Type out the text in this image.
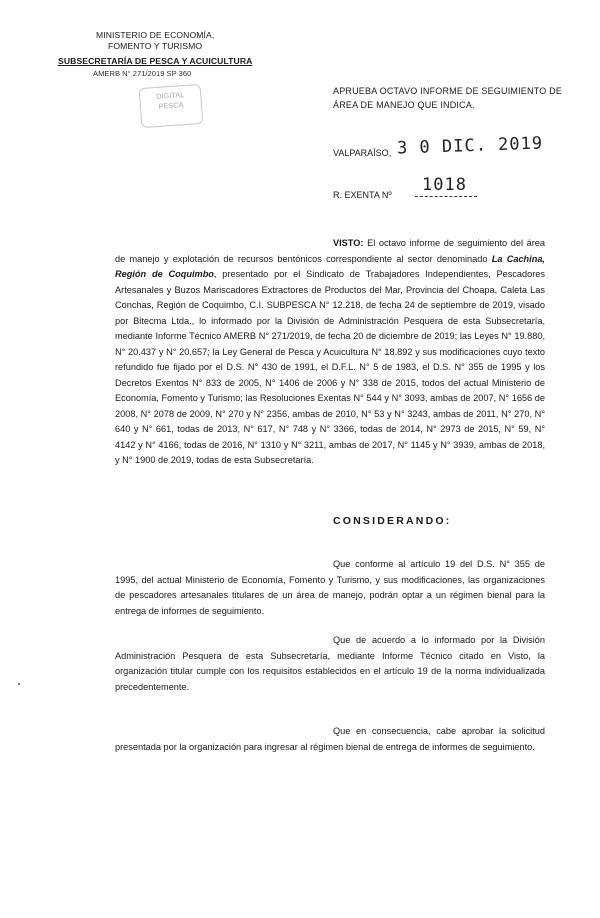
MINISTERIO DE ECONOMÍA,
FOMENTO Y TURISMO
SUBSECRETARÍA DE PESCA Y ACUICULTURA
AMERB N° 271/2019 SP 360
DIGITAL
PESCA
APRUEBA OCTAVO INFORME DE SEGUIMIENTO DE ÁREA DE MANEJO QUE INDICA.
VALPARAÍSO, 3 0 DIC. 2019
R. EXENTA Nº 1018

VISTO: El octavo informe de seguimiento del área de manejo y explotación de recursos bentónicos correspondiente al sector denominado La Cachina, Región de Coquimbo, presentado por el Sindicato de Trabajadores Independientes, Pescadores Artesanales y Buzos Mariscadores Extractores de Productos del Mar, Provincia del Choapa, Caleta Las Conchas, Región de Coquimbo, C.I. SUBPESCA N° 12.218, de fecha 24 de septiembre de 2019, visado por Bitecma Ltda., lo informado por la División de Administración Pesquera de esta Subsecretaría, mediante Informe Técnico AMERB N° 271/2019, de fecha 20 de diciembre de 2019; las Leyes N° 19.880, N° 20.437 y N° 20.657; la Ley General de Pesca y Acuicultura N° 18.892 y sus modificaciones cuyo texto refundido fue fijado por el D.S. N° 430 de 1991, el D.F.L. N° 5 de 1983, el D.S. N° 355 de 1995 y los Decretos Exentos N° 833 de 2005, N° 1406 de 2006 y N° 338 de 2015, todos del actual Ministerio de Economía, Fomento y Turismo; las Resoluciones Exentas N° 544 y N° 3093, ambas de 2007, N° 1656 de 2008, N° 2078 de 2009, N° 270 y N° 2356, ambas de 2010, N° 53 y N° 3243, ambas de 2011, N° 270, N° 640 y N° 661, todas de 2013, N° 617, N° 748 y N° 3366, todas de 2014, N° 2973 de 2015, N° 59, N° 4142 y N° 4166, todas de 2016, N° 1310 y N° 3211, ambas de 2017, N° 1145 y N° 3939, ambas de 2018, y N° 1900 de 2019, todas de esta Subsecretaría.

CONSIDERANDO:

Que conforme al artículo 19 del D.S. N° 355 de 1995, del actual Ministerio de Economía, Fomento y Turismo, y sus modificaciones, las organizaciones de pescadores artesanales titulares de un área de manejo, podrán optar a un régimen bienal para la entrega de informes de seguimiento.

Que de acuerdo a lo informado por la División Administración Pesquera de esta Subsecretaría, mediante Informe Técnico citado en Visto, la organización titular cumple con los requisitos establecidos en el artículo 19 de la norma individualizada precedentemente.

Que en consecuencia, cabe aprobar la solicitud presentada por la organización para ingresar al régimen bienal de entrega de informes de seguimiento.
